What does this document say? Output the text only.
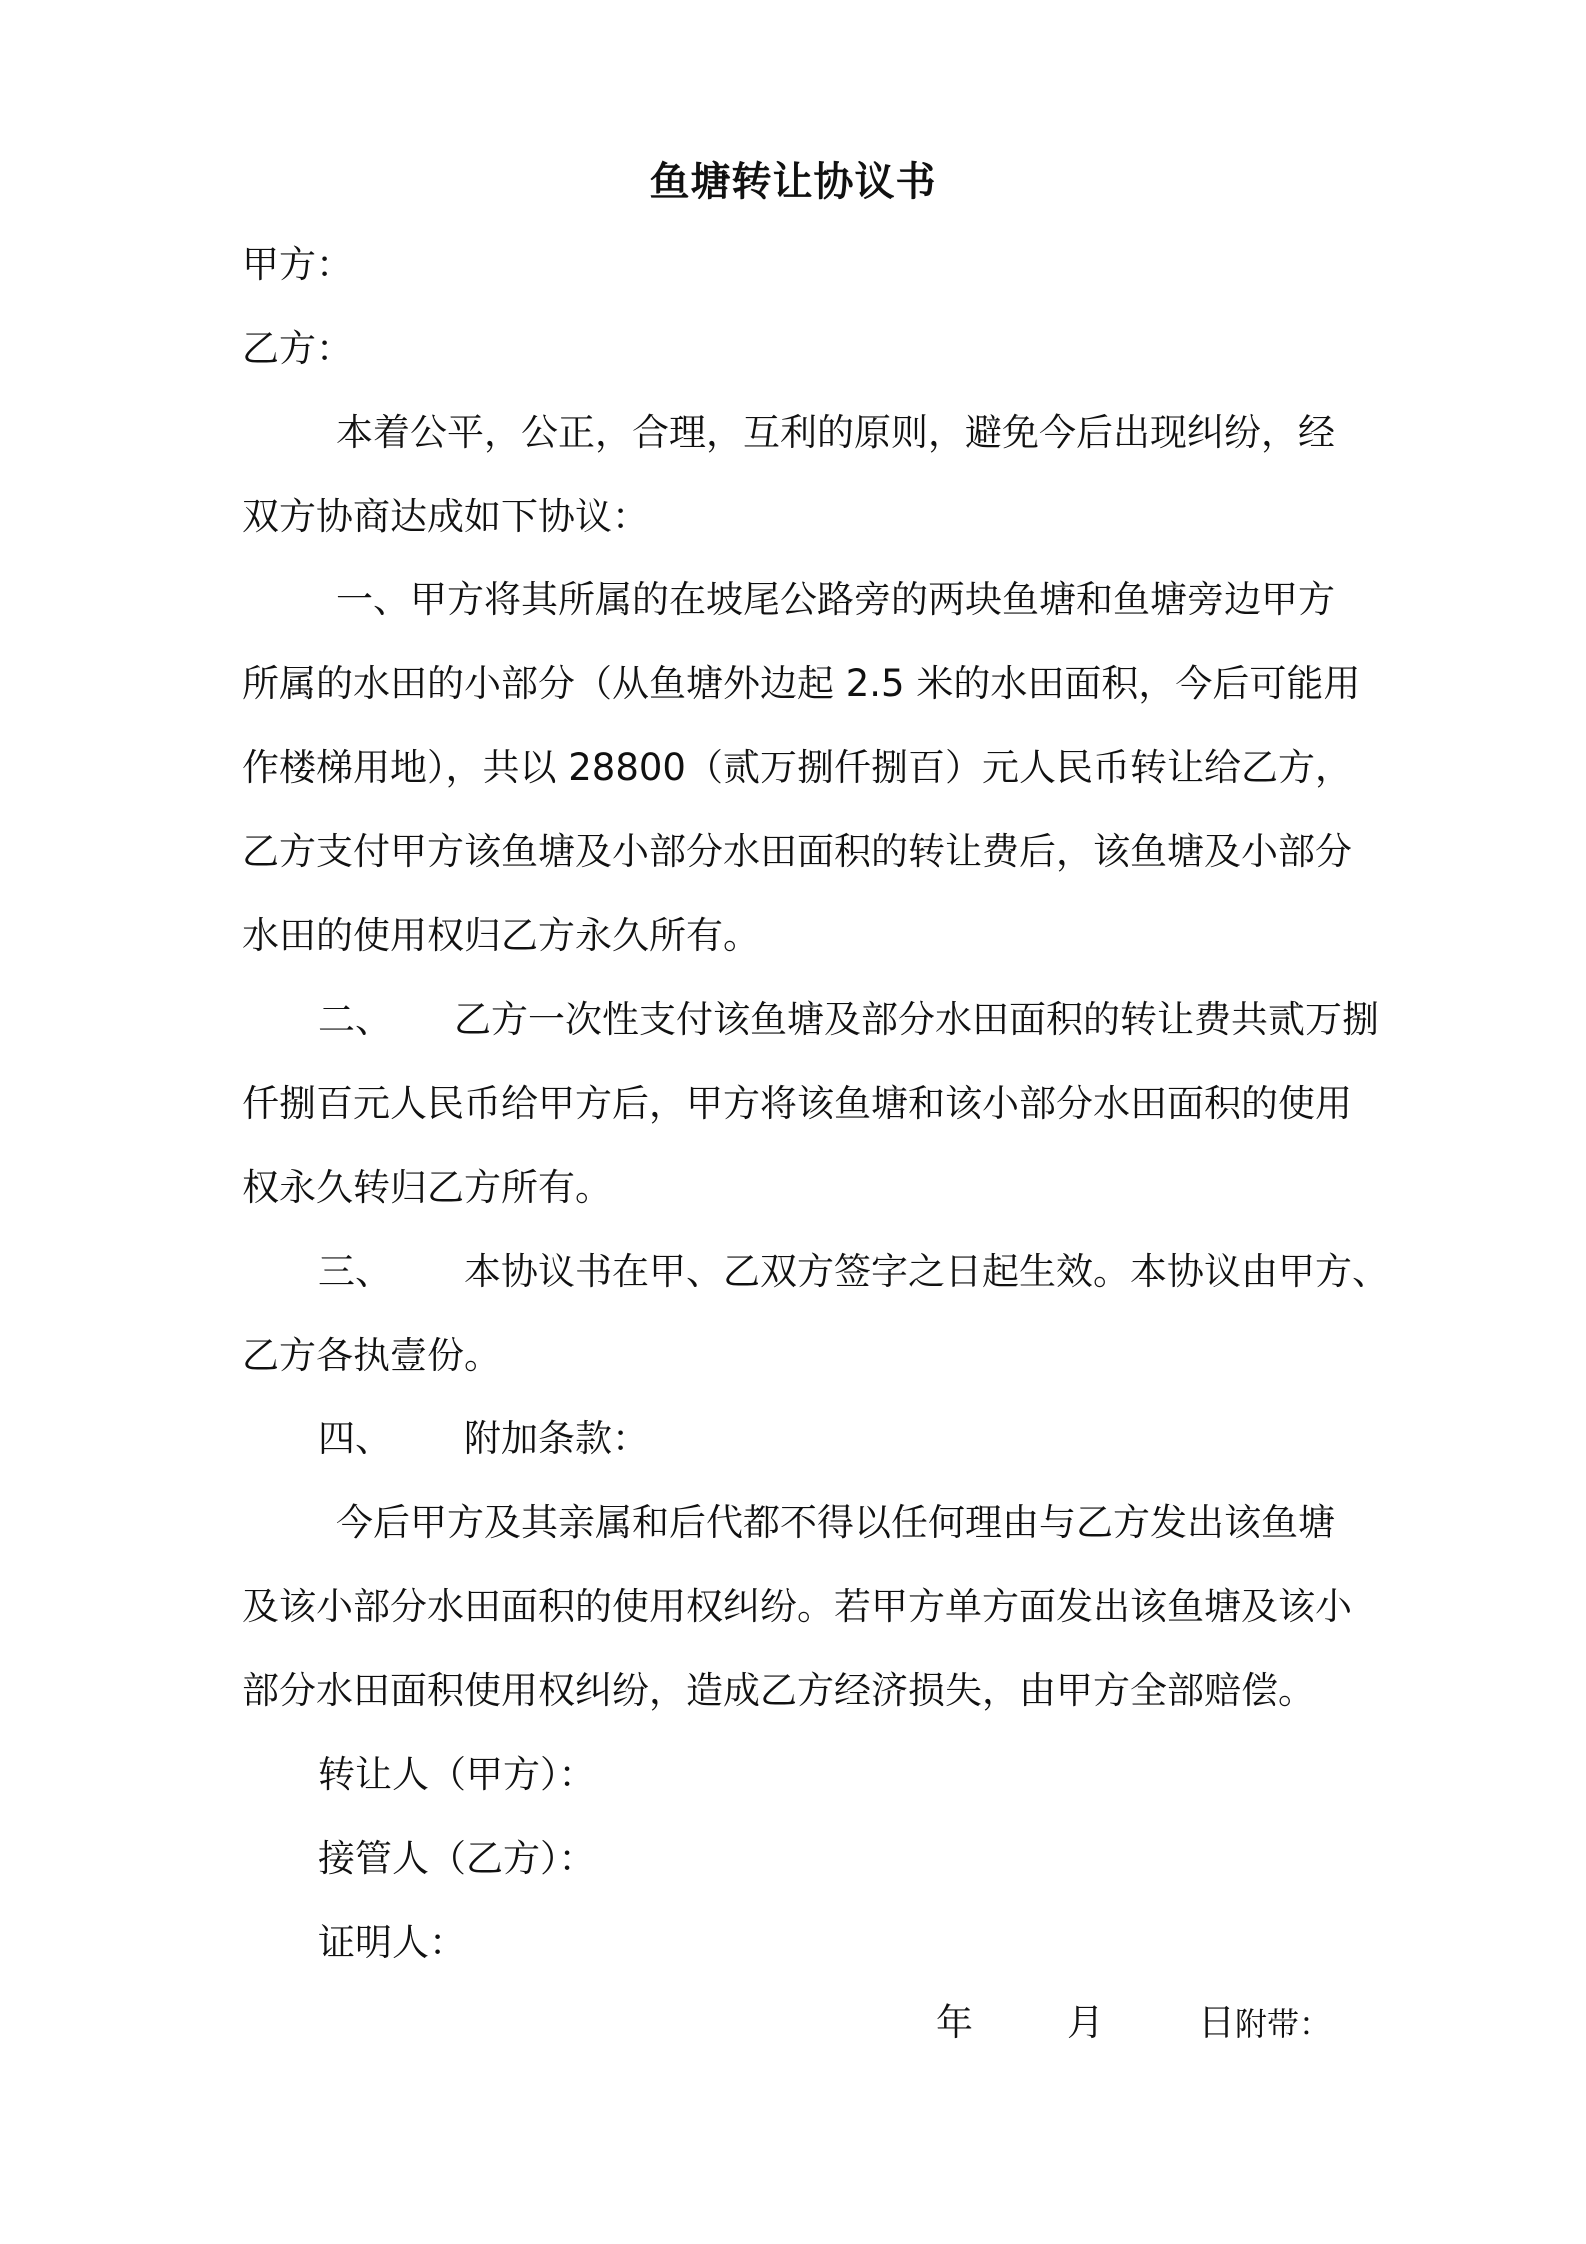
鱼塘转让协议书
甲方：
乙方：
本着公平，公正，合理，互利的原则，避免今后出现纠纷，经
双方协商达成如下协议：
一、甲方将其所属的在坡尾公路旁的两块鱼塘和鱼塘旁边甲方
所属的水田的小部分（从鱼塘外边起 2.5 米的水田面积，今后可能用
作楼梯用地），共以 28800（贰万捌仟捌百）元人民币转让给乙方，
乙方支付甲方该鱼塘及小部分水田面积的转让费后，该鱼塘及小部分
水田的使用权归乙方永久所有。
二、 乙方一次性支付该鱼塘及部分水田面积的转让费共贰万捌
仟捌百元人民币给甲方后，甲方将该鱼塘和该小部分水田面积的使用
权永久转归乙方所有。
三、 本协议书在甲、乙双方签字之日起生效。本协议由甲方、
乙方各执壹份。
四、 附加条款：
今后甲方及其亲属和后代都不得以任何理由与乙方发出该鱼塘
及该小部分水田面积的使用权纠纷。若甲方单方面发出该鱼塘及该小
部分水田面积使用权纠纷，造成乙方经济损失，由甲方全部赔偿。
转让人（甲方）：
接管人（乙方）：
证明人：
年	月	日附带：
